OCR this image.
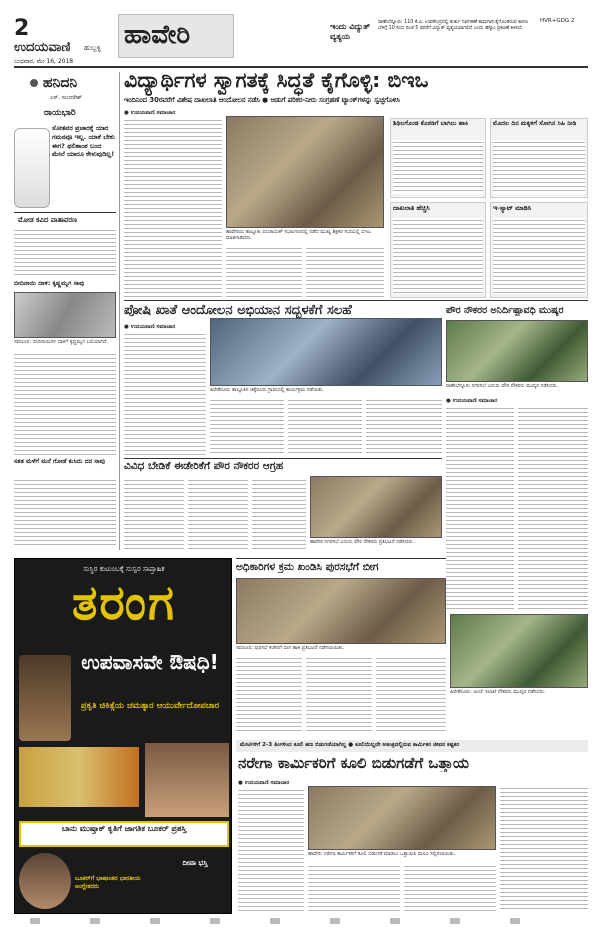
2
ಉದಯವಾಣಿ ಹುಬ್ಬಳ್ಳಿ
ಬುಧವಾರ, ಮೇ 16, 2018
ಹಾವೇರಿ	ಇಂದು ವಿದ್ಯುತ್ ವ್ಯತ್ಯಯ
ರಾಣೇಬೆನ್ನೂರು: 110 ಕೆ.ವಿ. ಉಪಕೇಂದ್ರದಲ್ಲಿ ತುರ್ತು ನಿರ್ವಹಣೆ ಕಾಮಗಾರಿ ಕೈಗೊಂಡಿರುವ ಕಾರಣ ಬೆಳಿಗ್ಗೆ 10 ರಿಂದ ಸಂಜೆ 5 ರವರೆಗೆ ವಿದ್ಯುತ್ ವ್ಯತ್ಯಯವಾಗಲಿದೆ ಎಂದು ಹೆಸ್ಕಾಂ ಪ್ರಕಟಣೆ ತಿಳಿಸಿದೆ.
HVR+GDG 2
ಹನಿದನಿ
ಎಸ್. ಸುಂದರೇಶ್
ರಾಯಭಾರಿ
ಸೋತವರ ಪ್ರಚಾರಕ್ಕೆ ಯಾರ ಗಮನವೂ ಇಲ್ಲ. ಯಾಕೆ ಬೇಕು ಈಗ? ಫಲಿತಾಂಶ ಬಂದ ಮೇಲೆ ಯಾರೂ ಕೇಳುವುದಿಲ್ಲ!
ಮೋಡ ಕವಿದ ವಾತಾವರಣ
ಬೀದಿನಾಯಿ ದಾಳಿ: ಕೃಷ್ಣಮೃಗ ಸಾವು
ಸವಣೂರ: ಬೀದಿನಾಯಿಗಳ ದಾಳಿಗೆ ಕೃಷ್ಣಮೃಗ ಬಲಿಯಾಗಿದೆ.
ಸತತ ಮಳೆಗೆ ಮನೆ ಗೋಡೆ ಕುಸಿದು ದನ ಸಾವು
ವಿದ್ಯಾರ್ಥಿಗಳ ಸ್ವಾಗತಕ್ಕೆ ಸಿದ್ಧತೆ ಕೈಗೊಳ್ಳಿ: ಬಿಇಒ
ಇಂದಿನಿಂದ 30ರವರೆಗೆ ವಿಶೇಷ ದಾಖಲಾತಿ ಆಂದೋಲನ ನಡೆಸಿ ● ಅಡುಗೆ ಪರಿಕರ-ನೀರು ಸಂಗ್ರಹಣೆ ಟ್ಯಾಂಕ್‌ಗಳನ್ನು ಸ್ವಚ್ಛಗೊಳಿಸಿ
● ಉದಯವಾಣಿ ಸಮಾಚಾರ
ಹಾವೇರಿಯ ತಾಲ್ಲೂಕು ಪಂಚಾಯತ್ ಸಭಾಂಗಣದಲ್ಲಿ ನಡೆದ ಮುಖ್ಯ ಶಿಕ್ಷಕರ ಸಭೆಯಲ್ಲಿ ಬಿಇಒ ಮಾತನಾಡಿದರು.
ಶಿಥಿಲಗೊಂಡ ಕೊಠಡಿಗೆ ಬಾಗಿಲು ಹಾಕಿ
ದಾಖಲಾತಿ ಹೆಚ್ಚಿಸಿ
ಮೊದಲ ದಿನ ಮಕ್ಕಳಿಗೆ ಸೋಗಿನ ಸಿಹಿ ನೀಡಿ
ಇ-ಸ್ಯಾಟ್ ಮಾಡಿಸಿ
ಪೋಷಿ ಖಾತೆ ಆಂದೋಲನ ಅಭಿಯಾನ ಸದ್ಬಳಕೆಗೆ ಸಲಹೆ
● ಉದಯವಾಣಿ ಸಮಾಚಾರ
ಹಿರೇಕೆರೂರು ತಾಲ್ಲೂಕಿನ ಚಿಕ್ಕೆರೂರು ಗ್ರಾಮದಲ್ಲಿ ಕಾರ್ಯಕ್ರಮ ನಡೆಯಿತು.
ಪೌರ ನೌಕರರ ಅನಿರ್ದಿಷ್ಟಾವಧಿ ಮುಷ್ಕರ
ರಾಣೇಬೆನ್ನೂರು ನಗರಸಭೆ ಎದುರು ಪೌರ ನೌಕರರು ಮುಷ್ಕರ ನಡೆಸಿದರು.
● ಉದಯವಾಣಿ ಸಮಾಚಾರ
ವಿವಿಧ ಬೇಡಿಕೆ ಈಡೇರಿಕೆಗೆ ಪೌರ ನೌಕರರ ಆಗ್ರಹ
ಹಾವೇರಿ ನಗರಸಭೆ ಎದುರು ಪೌರ ನೌಕರರು ಪ್ರತಿಭಟನೆ ನಡೆಸಿದರು.
ಅಧಿಕಾರಿಗಳ ಕ್ರಮ ಖಂಡಿಸಿ ಪುರಸಭೆಗೆ ಬೀಗ
ಸವಣೂರ: ಪುರಸಭೆ ಕಚೇರಿಗೆ ಬೀಗ ಹಾಕಿ ಪ್ರತಿಭಟನೆ ನಡೆಸಲಾಯಿತು.
ಹಿರೇಕೆರೂರು: ಅಂಚೆ ಇಲಾಖೆ ನೌಕರರು ಮುಷ್ಕರ ನಡೆಸಿದರು.
ಸುಸ್ಥಿರ ಕುಟುಂಬಕ್ಕೆ ಸುಸ್ವರ ಸಾಪ್ತಾಹಿಕ
ತರಂಗ
ಉಪವಾಸವೇ ಔಷಧಿ!
ಪ್ರಕೃತಿ ಚಿಕಿತ್ಸೆಯ ಚಮತ್ಕಾರ ಆಯುರ್ವೇದೋಪಚಾರ
ಬಾನು ಮುಷ್ತಾಕ್ ಕೃತಿಗೆ ಜಾಗತಿಕ ಬೂಕರ್ ಪ್ರಶಸ್ತಿ
ಬೂಕರ್‌ಗೆ ಭಾಷಾಂತರ ಭಾರತೀಯ ಅಂಗ್ಲೇತರರು
ದೀಪಾ ಭಸ್ತಿ
ಮೇಟಿಗಳಿಗೆ 2-3 ತಿಂಗಳಿಂದ ಕೂಲಿ ಹಣ ಬಿಡುಗಡೆಯಾಗಿಲ್ಲ ● ಕೂಲಿಯಿಲ್ಲದೇ ಅತಂತ್ರದಲ್ಲಿರುವ ಕಾರ್ಮಿಕರ ಜೀವನ ಕಷ್ಟಕರ
ನರೇಗಾ ಕಾರ್ಮಿಕರಿಗೆ ಕೂಲಿ ಬಿಡುಗಡೆಗೆ ಒತ್ತಾಯ
● ಉದಯವಾಣಿ ಸಮಾಚಾರ
ಹಾವೇರಿ: ನರೇಗಾ ಕಾರ್ಮಿಕರಿಗೆ ಕೂಲಿ ಬಿಡುಗಡೆ ಮಾಡಲು ಒತ್ತಾಯಿಸಿ ಮನವಿ ಸಲ್ಲಿಸಲಾಯಿತು.
